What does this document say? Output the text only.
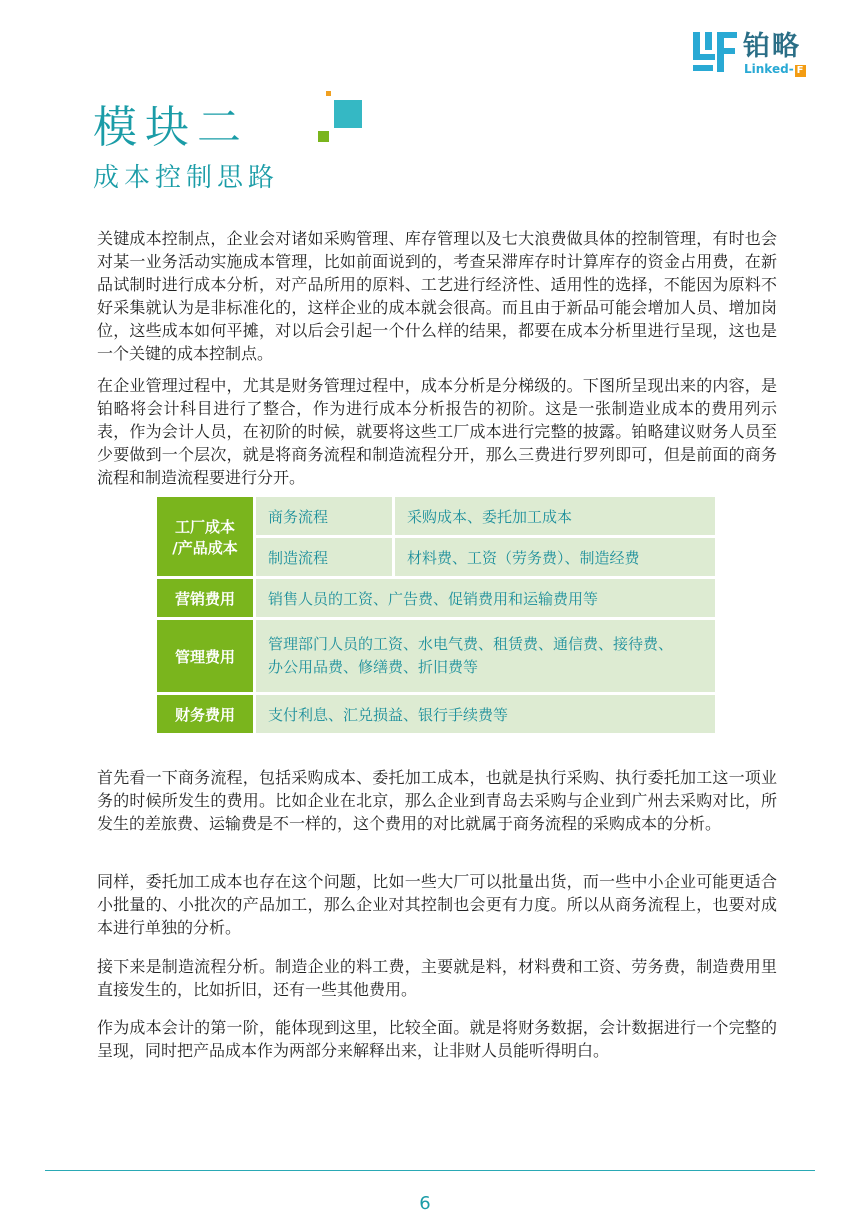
铂略
Linked- F
模块二
成本控制思路

关键成本控制点，企业会对诸如采购管理、库存管理以及七大浪费做具体的控制管理，有时也会对某一业务活动实施成本管理，比如前面说到的，考查呆滞库存时计算库存的资金占用费，在新品试制时进行成本分析，对产品所用的原料、工艺进行经济性、适用性的选择，不能因为原料不好采集就认为是非标准化的，这样企业的成本就会很高。而且由于新品可能会增加人员、增加岗位，这些成本如何平摊，对以后会引起一个什么样的结果，都要在成本分析里进行呈现，这也是一个关键的成本控制点。

在企业管理过程中，尤其是财务管理过程中，成本分析是分梯级的。下图所呈现出来的内容，是铂略将会计科目进行了整合，作为进行成本分析报告的初阶。这是一张制造业成本的费用列示表，作为会计人员，在初阶的时候，就要将这些工厂成本进行完整的披露。铂略建议财务人员至少要做到一个层次，就是将商务流程和制造流程分开，那么三费进行罗列即可，但是前面的商务流程和制造流程要进行分开。

工厂成本
/产品成本	商务流程	采购成本、委托加工成本
	制造流程	材料费、工资（劳务费）、制造经费
营销费用	销售人员的工资、广告费、促销费用和运输费用等	
管理费用	管理部门人员的工资、水电气费、租赁费、通信费、接待费、
办公用品费、修缮费、折旧费等	

财务费用	支付利息、汇兑损益、银行手续费等	

首先看一下商务流程，包括采购成本、委托加工成本，也就是执行采购、执行委托加工这一项业务的时候所发生的费用。比如企业在北京，那么企业到青岛去采购与企业到广州去采购对比，所发生的差旅费、运输费是不一样的，这个费用的对比就属于商务流程的采购成本的分析。

同样，委托加工成本也存在这个问题，比如一些大厂可以批量出货，而一些中小企业可能更适合小批量的、小批次的产品加工，那么企业对其控制也会更有力度。所以从商务流程上，也要对成本进行单独的分析。

接下来是制造流程分析。制造企业的料工费，主要就是料，材料费和工资、劳务费，制造费用里直接发生的，比如折旧，还有一些其他费用。

作为成本会计的第一阶，能体现到这里，比较全面。就是将财务数据，会计数据进行一个完整的呈现，同时把产品成本作为两部分来解释出来，让非财人员能听得明白。

6
